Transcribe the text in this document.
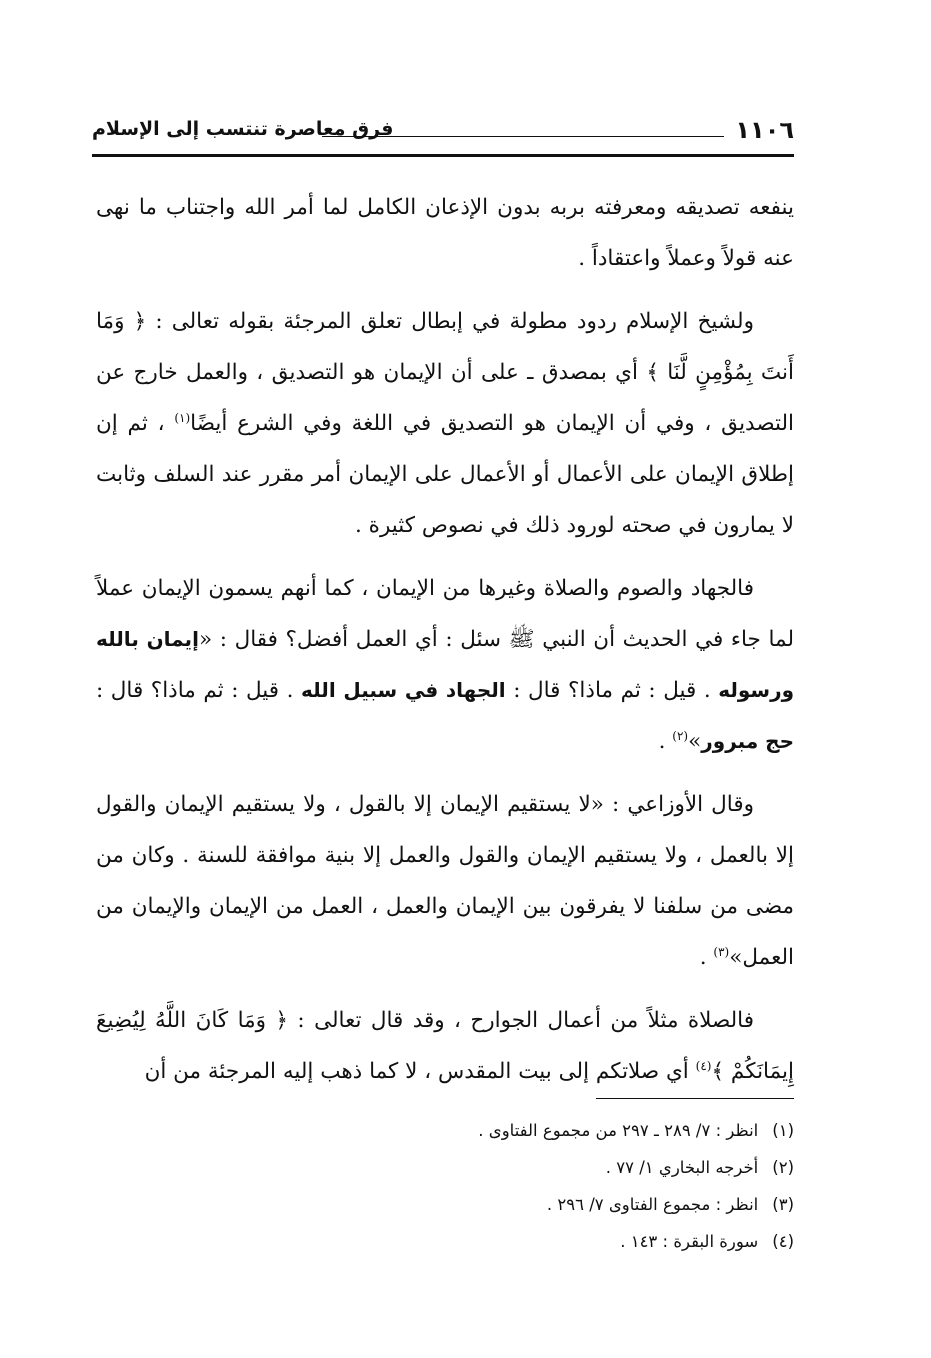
١١٠٦
فرق معاصرة تنتسب إلى الإسلام

ينفعه تصديقه ومعرفته بربه بدون الإذعان الكامل لما أمر الله واجتناب ما نهى عنه قولاً وعملاً واعتقاداً .

ولشيخ الإسلام ردود مطولة في إبطال تعلق المرجئة بقوله تعالى : ﴿ وَمَا أَنتَ بِمُؤْمِنٍ لَّنَا ﴾ أي بمصدق ـ على أن الإيمان هو التصديق ، والعمل خارج عن التصديق ، وفي أن الإيمان هو التصديق في اللغة وفي الشرع أيضًا$^{(١)}$ ، ثم إن إطلاق الإيمان على الأعمال أو الأعمال على الإيمان أمر مقرر عند السلف وثابت لا يمارون في صحته لورود ذلك في نصوص كثيرة .

فالجهاد والصوم والصلاة وغيرها من الإيمان ، كما أنهم يسمون الإيمان عملاً لما جاء في الحديث أن النبي ﷺ سئل : أي العمل أفضل؟ فقال : «إيمان بالله ورسوله . قيل : ثم ماذا؟ قال : الجهاد في سبيل الله . قيل : ثم ماذا؟ قال : حج مبرور»$^{(٢)}$ .

وقال الأوزاعي : «لا يستقيم الإيمان إلا بالقول ، ولا يستقيم الإيمان والقول إلا بالعمل ، ولا يستقيم الإيمان والقول والعمل إلا بنية موافقة للسنة . وكان من مضى من سلفنا لا يفرقون بين الإيمان والعمل ، العمل من الإيمان والإيمان من العمل»$^{(٣)}$ .

فالصلاة مثلاً من أعمال الجوارح ، وقد قال تعالى : ﴿ وَمَا كَانَ اللَّهُ لِيُضِيعَ إِيمَانَكُمْ ﴾$^{(٤)}$ أي صلاتكم إلى بيت المقدس ، لا كما ذهب إليه المرجئة من أن

(١)انظر : ٧/ ٢٨٩ ـ ٢٩٧ من مجموع الفتاوى .
(٢)أخرجه البخاري ١/ ٧٧ .
(٣)انظر : مجموع الفتاوى ٧/ ٢٩٦ .
(٤)سورة البقرة : ١٤٣ .
